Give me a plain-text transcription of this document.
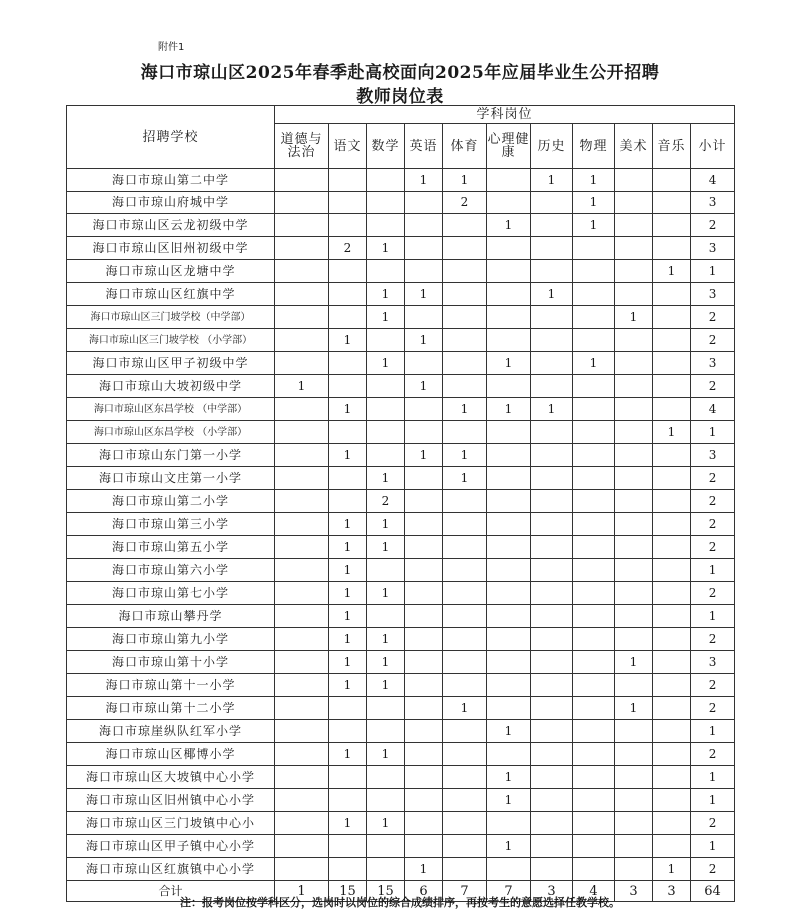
附件1
海口市琼山区2025年春季赴高校面向2025年应届毕业生公开招聘
教师岗位表
招聘学校	学科岗位										
	道德与法治	语文	数学	英语	体育	心理健康	历史	物理	美术	音乐	小计
海口市琼山第二中学				1	1		1	1			4
海口市琼山府城中学					2			1			3
海口市琼山区云龙初级中学						1		1			2
海口市琼山区旧州初级中学		2	1								3
海口市琼山区龙塘中学										1	1
海口市琼山区红旗中学			1	1			1				3
海口市琼山区三门坡学校（中学部）			1						1		2
海口市琼山区三门坡学校 （小学部）		1		1							2
海口市琼山区甲子初级中学			1			1		1			3
海口市琼山大坡初级中学	1			1							2
海口市琼山区东昌学校 （中学部）		1			1	1	1				4
海口市琼山区东昌学校 （小学部）										1	1
海口市琼山东门第一小学		1		1	1						3
海口市琼山文庄第一小学			1		1						2
海口市琼山第二小学			2								2
海口市琼山第三小学		1	1								2
海口市琼山第五小学		1	1								2
海口市琼山第六小学		1									1
海口市琼山第七小学		1	1								2
海口市琼山攀丹学		1									1
海口市琼山第九小学		1	1								2
海口市琼山第十小学		1	1						1		3
海口市琼山第十一小学		1	1								2
海口市琼山第十二小学					1				1		2
海口市琼崖纵队红军小学						1					1
海口市琼山区椰博小学		1	1								2
海口市琼山区大坡镇中心小学						1					1
海口市琼山区旧州镇中心小学						1					1
海口市琼山区三门坡镇中心小		1	1								2
海口市琼山区甲子镇中心小学						1					1
海口市琼山区红旗镇中心小学				1						1	2
合计	1	15	15	6	7	7	3	4	3	3	64
注：报考岗位按学科区分，选岗时以岗位的综合成绩排序，再按考生的意愿选择任教学校。
